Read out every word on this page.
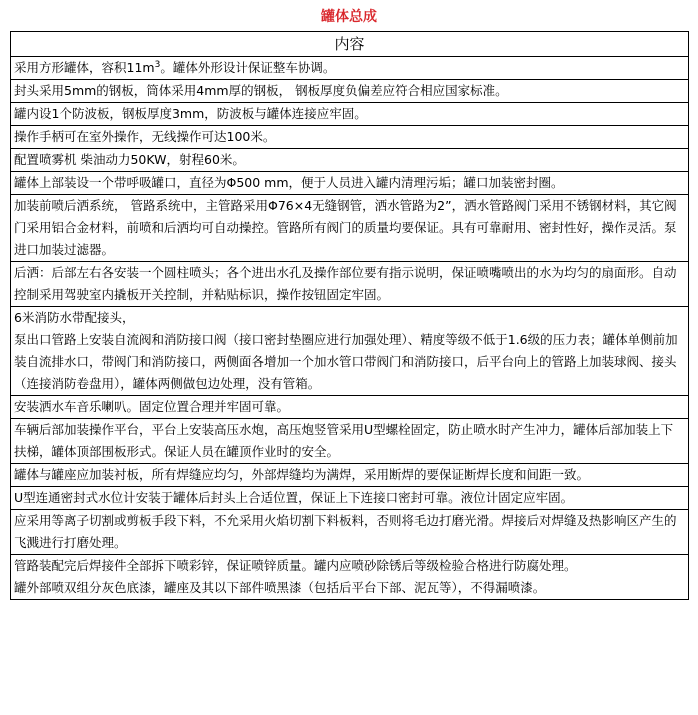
罐体总成
内容
采用方形罐体，容积$11m^3$。罐体外形设计保证整车协调。
封头采用5mm的钢板，筒体采用4mm厚的钢板， 钢板厚度负偏差应符合相应国家标准。
罐内设1个防波板，钢板厚度3mm，防波板与罐体连接应牢固。
操作手柄可在室外操作，无线操作可达100米。
配置喷雾机 柴油动力50KW，射程60米。
罐体上部装设一个带呼吸罐口，直径为Φ500 mm，便于人员进入罐内清理污垢；罐口加装密封圈。
加装前喷后洒系统， 管路系统中，主管路采用Φ76×4无缝钢管，洒水管路为2”，洒水管路阀门采用不锈钢材料，其它阀门采用铝合金材料，前喷和后洒均可自动操控。管路所有阀门的质量均要保证。具有可靠耐用、密封性好，操作灵活。泵进口加装过滤器。
后洒：后部左右各安装一个圆柱喷头；各个进出水孔及操作部位要有指示说明，保证喷嘴喷出的水为均匀的扇面形。自动控制采用驾驶室内撬板开关控制，并粘贴标识，操作按钮固定牢固。

6米消防水带配接头，
泵出口管路上安装自流阀和消防接口阀（接口密封垫圈应进行加强处理）、精度等级不低于1.6级的压力表；罐体单侧前加装自流排水口，带阀门和消防接口，两侧面各增加一个加水管口带阀门和消防接口，后平台向上的管路上加装球阀、接头（连接消防卷盘用），罐体两侧做包边处理，没有管箱。

安装洒水车音乐喇叭。固定位置合理并牢固可靠。
车辆后部加装操作平台，平台上安装高压水炮，高压炮竖管采用U型螺栓固定，防止喷水时产生冲力，罐体后部加装上下扶梯，罐体顶部围板形式。保证人员在罐顶作业时的安全。
罐体与罐座应加装衬板，所有焊缝应均匀，外部焊缝均为满焊，采用断焊的要保证断焊长度和间距一致。
U型连通密封式水位计安装于罐体后封头上合适位置，保证上下连接口密封可靠。液位计固定应牢固。
应采用等离子切割或剪板手段下料，不允采用火焰切割下料板料，否则将毛边打磨光滑。焊接后对焊缝及热影响区产生的飞溅进行打磨处理。

管路装配完后焊接件全部拆下喷彩锌，保证喷锌质量。罐内应喷砂除锈后等级检验合格进行防腐处理。
罐外部喷双组分灰色底漆，罐座及其以下部件喷黑漆（包括后平台下部、泥瓦等），不得漏喷漆。
